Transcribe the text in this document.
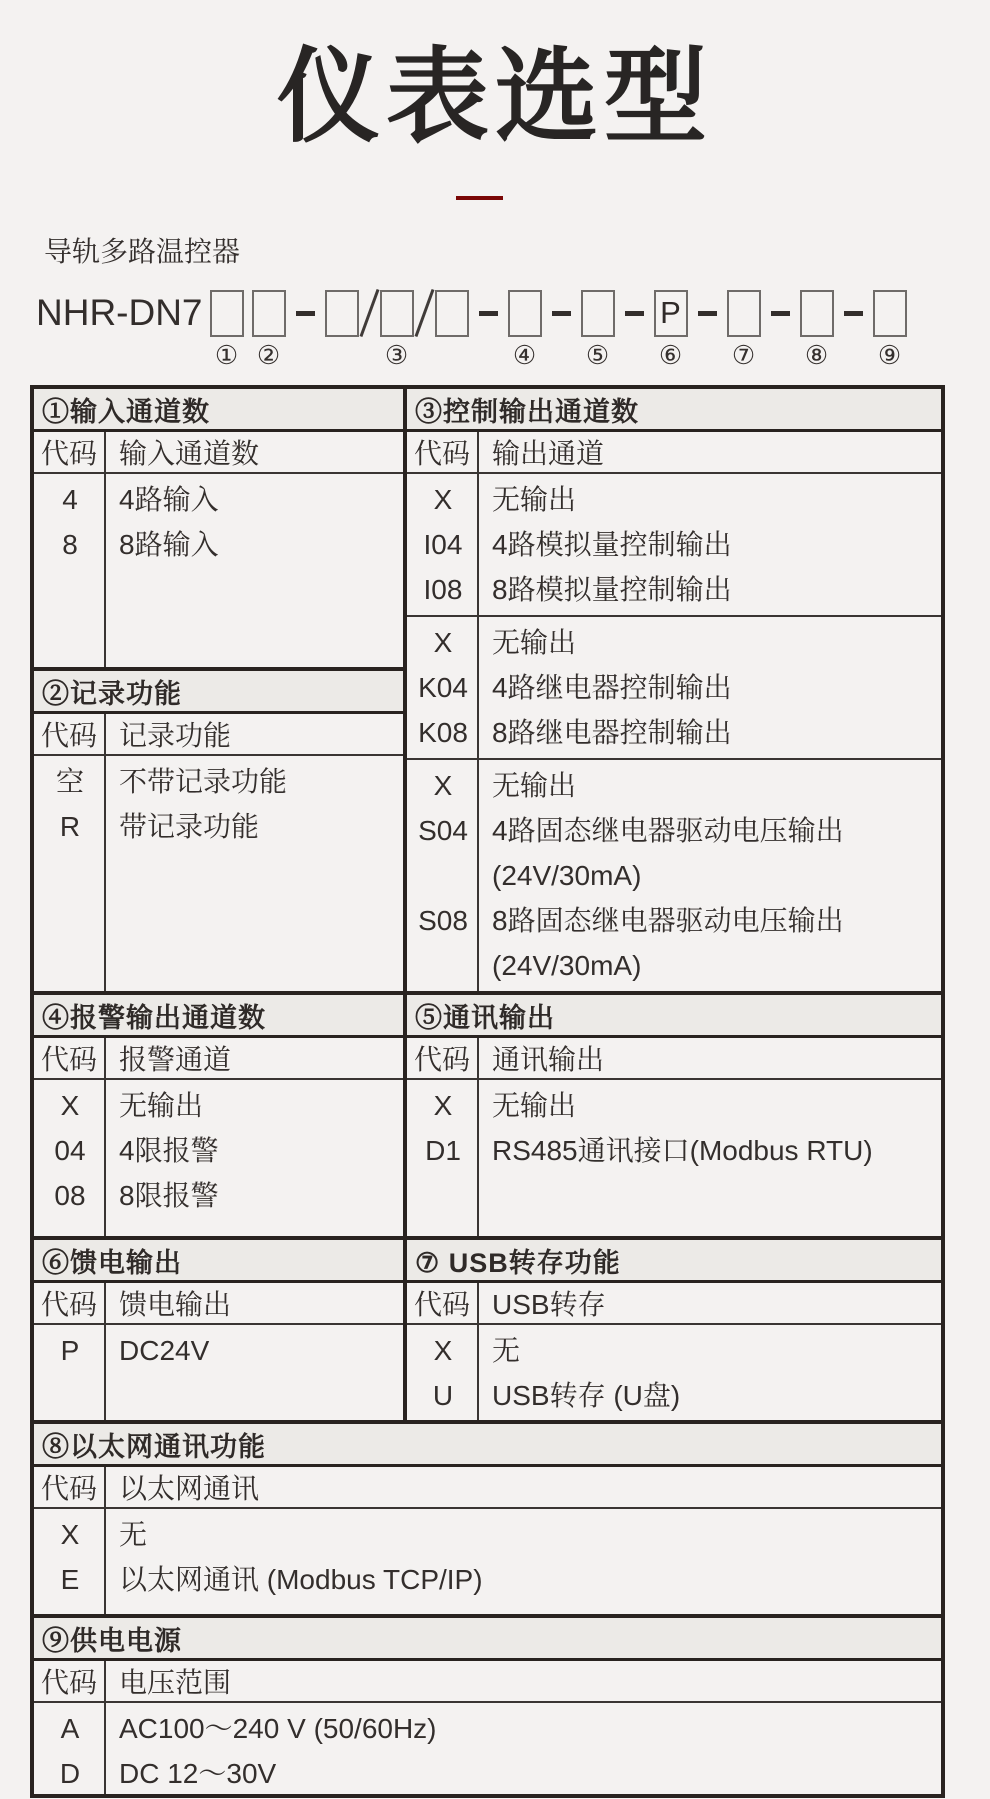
仪表选型
导轨多路温控器
NHR-DN7
① ②	③	④ ⑤
P
⑥ ⑦ ⑧ ⑨
①输入通道数
代码 输入通道数
4	4路输入
8	8路输入
②记录功能
代码 记录功能
空	不带记录功能
R	带记录功能
④报警输出通道数
代码 报警通道
X	无输出
04	4限报警
08	8限报警
⑥馈电输出
代码 馈电输出
P	DC24V
③控制输出通道数
代码 输出通道
X	无输出
I04	4路模拟量控制输出
I08	8路模拟量控制输出
X	无输出
K04 4路继电器控制输出
K08 8路继电器控制输出
X	无输出
S04 4路固态继电器驱动电压输出
(24V/30mA)
S08 8路固态继电器驱动电压输出
(24V/30mA)
⑤通讯输出
代码 通讯输出
X	无输出
D1	RS485通讯接口(Modbus RTU)
⑦ USB转存功能
代码 USB转存
X	无
U	USB转存 (U盘)
⑧以太网通讯功能
代码 以太网通讯
X	无
E	以太网通讯 (Modbus TCP/IP)
⑨供电电源
代码 电压范围
A	AC100～240 V (50/60Hz)
D	DC 12～30V
